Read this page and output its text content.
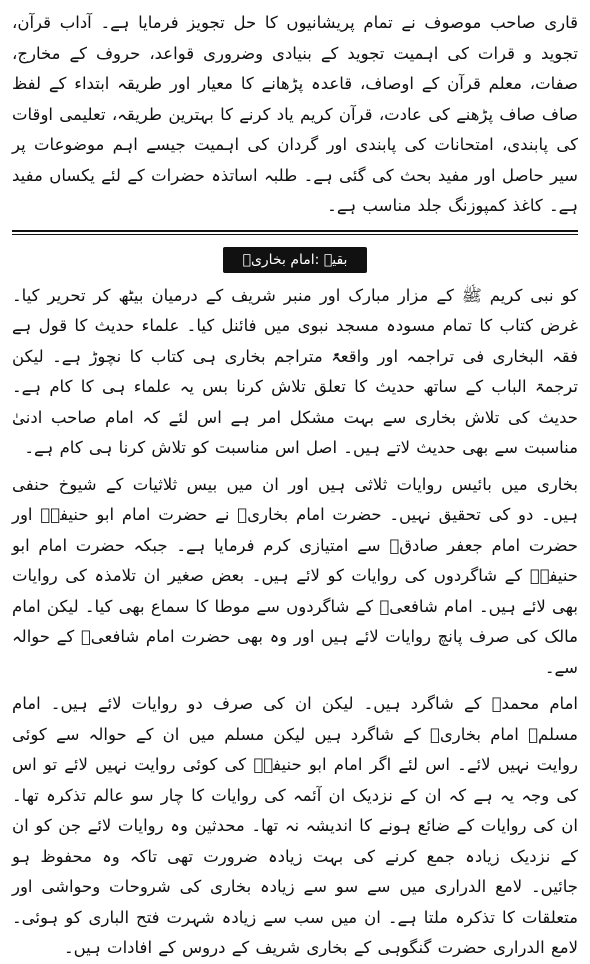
قاری صاحب موصوف نے تمام پریشانیوں کا حل تجویز فرمایا ہے۔ آداب قرآن، تجوید و قرات کی اہمیت تجوید کے بنیادی وضروری قواعد، حروف کے مخارج، صفات، معلم قرآن کے اوصاف، قاعدہ پڑھانے کا معیار اور طریقہ ابتداء کے لفظ صاف صاف پڑھنے کی عادت، قرآن کریم یاد کرنے کا بہترین طریقہ، تعلیمی اوقات کی پابندی، امتحانات کی پابندی اور گردان کی اہمیت جیسے اہم موضوعات پر سیر حاصل اور مفید بحث کی گئی ہے۔ طلبہ اساتذہ حضرات کے لئے یکساں مفید ہے۔ کاغذ کمپوزنگ جلد مناسب ہے۔

بقیہ :امام بخاریؒ

کو نبی کریم ﷺ کے مزار مبارک اور منبر شریف کے درمیان بیٹھ کر تحریر کیا۔ غرض کتاب کا تمام مسودہ مسجد نبوی میں فائنل کیا۔ علماء حدیث کا قول ہے فقہ البخاری فی تراجمہ اور واقعۃً متراجم بخاری ہی کتاب کا نچوڑ ہے۔ لیکن ترجمۃ الباب کے ساتھ حدیث کا تعلق تلاش کرنا بس یہ علماء ہی کا کام ہے۔ حدیث کی تلاش بخاری سے بہت مشکل امر ہے اس لئے کہ امام صاحب ادنیٰ مناسبت سے بھی حدیث لاتے ہیں۔ اصل اس مناسبت کو تلاش کرنا ہی کام ہے۔

بخاری میں بائیس روایات ثلاثی ہیں اور ان میں بیس ثلاثیات کے شیوخ حنفی ہیں۔ دو کی تحقیق نہیں۔ حضرت امام بخاریؒ نے حضرت امام ابو حنیفہؒ اور حضرت امام جعفر صادقؒ سے امتیازی کرم فرمایا ہے۔ جبکہ حضرت امام ابو حنیفہؒ کے شاگردوں کی روایات کو لائے ہیں۔ بعض صغیر ان تلامذہ کی روایات بھی لائے ہیں۔ امام شافعیؒ کے شاگردوں سے موطا کا سماع بھی کیا۔ لیکن امام مالک کی صرف پانچ روایات لائے ہیں اور وہ بھی حضرت امام شافعیؒ کے حوالہ سے۔

امام محمدؒ کے شاگرد ہیں۔ لیکن ان کی صرف دو روایات لائے ہیں۔ امام مسلمؒ امام بخاریؒ کے شاگرد ہیں لیکن مسلم میں ان کے حوالہ سے کوئی روایت نہیں لائے۔ اس لئے اگر امام ابو حنیفہؒ کی کوئی روایت نہیں لائے تو اس کی وجہ یہ ہے کہ ان کے نزدیک ان آئمہ کی روایات کا چار سو عالم تذکرہ تھا۔ ان کی روایات کے ضائع ہونے کا اندیشہ نہ تھا۔ محدثین وہ روایات لائے جن کو ان کے نزدیک زیادہ جمع کرنے کی بہت زیادہ ضرورت تھی تاکہ وہ محفوظ ہو جائیں۔ لامع الدراری میں سے سو سے زیادہ بخاری کی شروحات وحواشی اور متعلقات کا تذکرہ ملتا ہے۔ ان میں سب سے زیادہ شہرت فتح الباری کو ہوئی۔ لامع الدراری حضرت گنگوہی کے بخاری شریف کے دروس کے افادات ہیں۔
